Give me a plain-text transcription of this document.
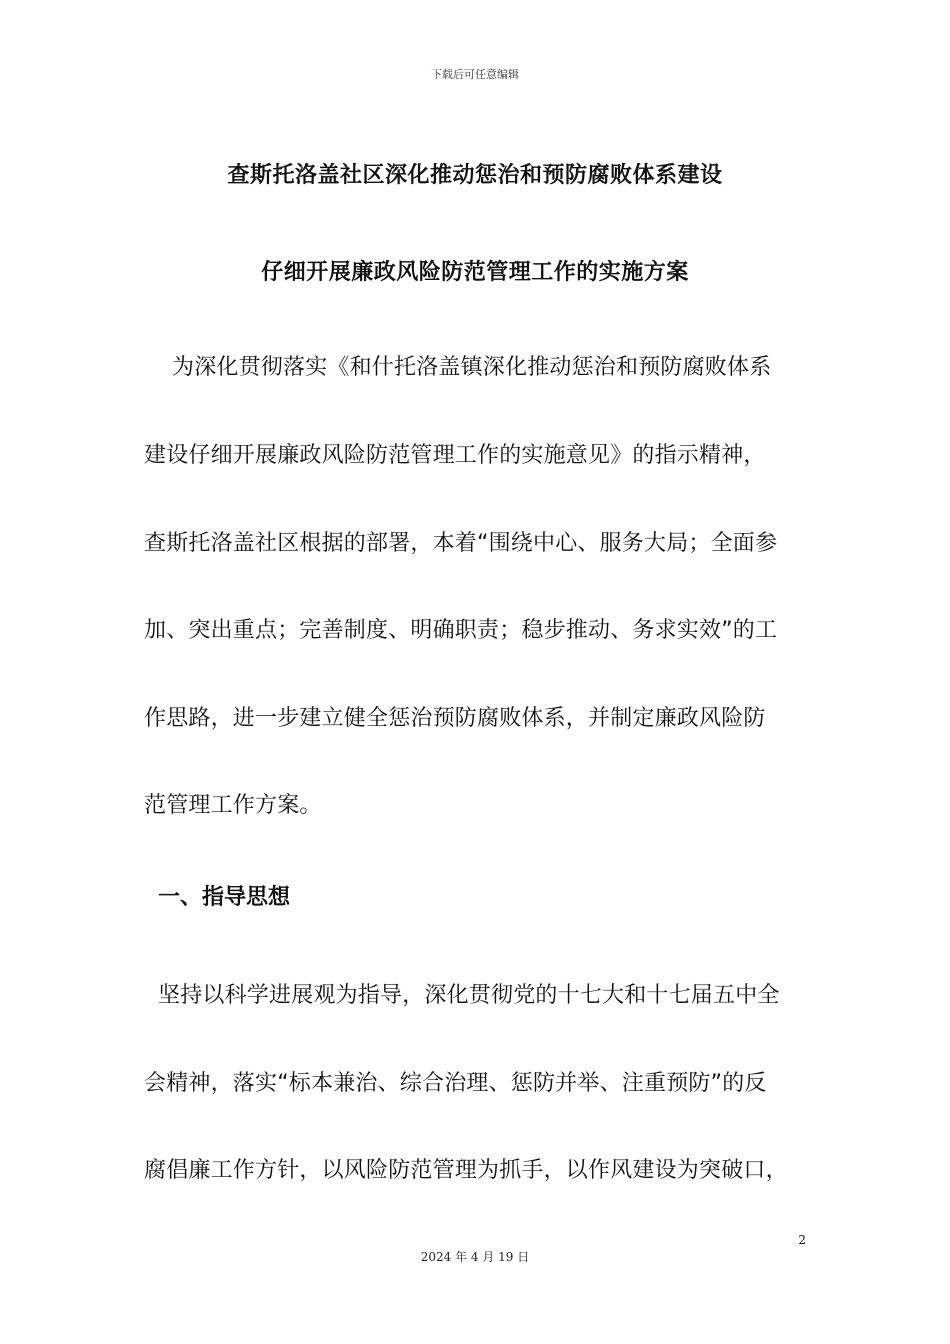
下载后可任意编辑
查斯托洛盖社区深化推动惩治和预防腐败体系建设
仔细开展廉政风险防范管理工作的实施方案
为深化贯彻落实《和什托洛盖镇深化推动惩治和预防腐败体系
建设仔细开展廉政风险防范管理工作的实施意见》的指示精神，
查斯托洛盖社区根据的部署，本着“围绕中心、服务大局；全面参
加、突出重点；完善制度、明确职责；稳步推动、务求实效”的工
作思路，进一步建立健全惩治预防腐败体系，并制定廉政风险防
范管理工作方案。
一、指导思想
坚持以科学进展观为指导，深化贯彻党的十七大和十七届五中全
会精神，落实“标本兼治、综合治理、惩防并举、注重预防”的反
腐倡廉工作方针，以风险防范管理为抓手，以作风建设为突破口，
2
2024 年 4 月 19 日
